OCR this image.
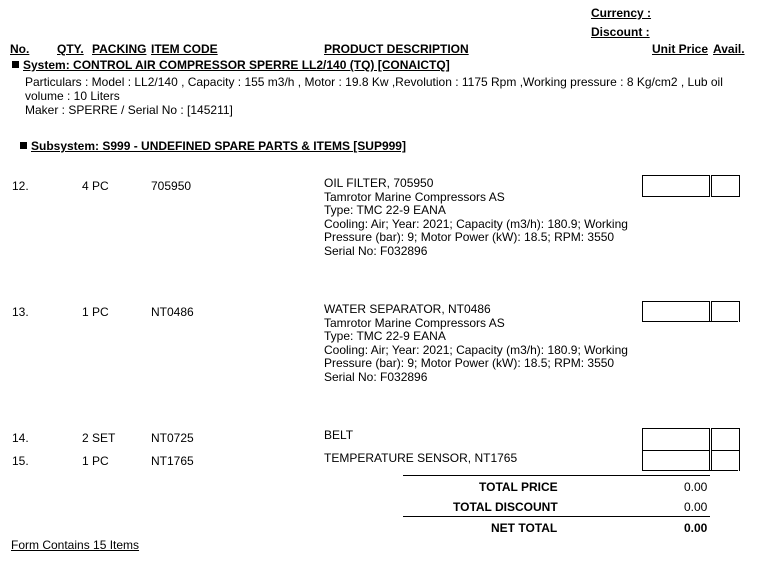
Currency :
Discount :
No. QTY. PACKING ITEM CODE	PRODUCT DESCRIPTION	Unit Price Avail.
System: CONTROL AIR COMPRESSOR SPERRE LL2/140 (TQ) [CONAICTQ]
Particulars : Model : LL2/140 , Capacity : 155 m3/h , Motor : 19.8 Kw ,Revolution : 1175 Rpm ,Working pressure : 8 Kg/cm2 , Lub oil volume : 10 Liters
Maker : SPERRE / Serial No : [145211]
Subsystem: S999 - UNDEFINED SPARE PARTS & ITEMS [SUP999]
12.	4 PC	705950	OIL FILTER, 705950
Tamrotor Marine Compressors AS
Type: TMC 22-9 EANA
Cooling: Air; Year: 2021; Capacity (m3/h): 180.9; Working
Pressure (bar): 9; Motor Power (kW): 18.5; RPM: 3550
Serial No: F032896
13.	1 PC	NT0486	WATER SEPARATOR, NT0486
Tamrotor Marine Compressors AS
Type: TMC 22-9 EANA
Cooling: Air; Year: 2021; Capacity (m3/h): 180.9; Working
Pressure (bar): 9; Motor Power (kW): 18.5; RPM: 3550
Serial No: F032896
14.	2 SET	NT0725	BELT
15.	1 PC	NT1765	TEMPERATURE SENSOR, NT1765
TOTAL PRICE	0.00
TOTAL DISCOUNT	0.00
NET TOTAL	0.00
Form Contains 15 Items
